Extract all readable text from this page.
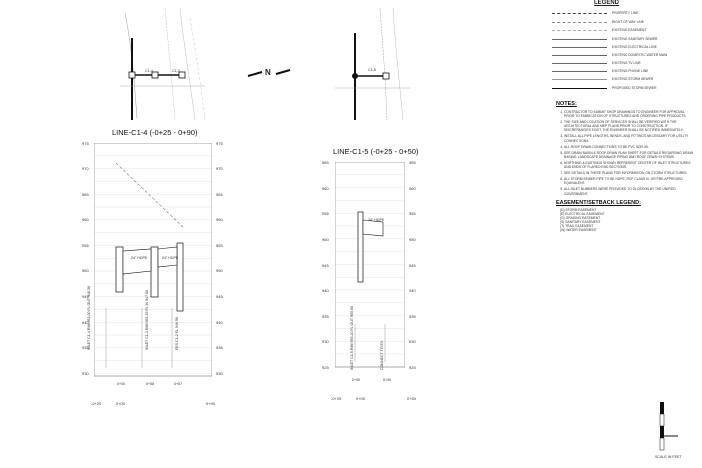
C1-4	C1-3	C1-5
N
LINE-C1-4 (-0+25 - 0+90)
24" HDPE	24" HDPE
975
970
965
960
955
950
945
940
935
930
975
970
965
960
955
950
945
940
935
930
INLET C1-4 RIM 952.00 FL OUT 948.56	INLET C1-3 RIM 953.45 FL IN 947.80	FES C1-2 FL 946.90
0+00	0+58	0+87
-0+25	0+00	0+90
LINE-C1-5 (-0+25 - 0+50)
24" HDPE
965
960
955
950
945
940
935
930
925
965
960
955
950
945
940
935
930
925
INLET C1-5 RIM 955.20 FL OUT 950.60	CONNECT TO EX
0+00	0+30
-0+25	0+00	0+50
LEGEND
PROPERTY LINE
RIGHT OF WAY LINE
EXISTING EASEMENT
EXISTING SANITARY SEWER
EXISTING ELECTRICAL LINE
EXISTING DOMESTIC WATER MAIN
EXISTING TV LINE
EXISTING PHONE LINE
EXISTING STORM SEWER
PROPOSED STORM SEWER
NOTES:
1. CONTRACTOR TO SUBMIT SHOP DRAWINGS TO ENGINEER FOR APPROVAL PRIOR TO FABRICATION OF STRUCTURES AND ORDERING PIPE PRODUCTS.
2. THE SIZE AND LOCATION OF SERVICES SHALL BE VERIFIED WITH THE ARCHITECTURAL AND MEP PLANS PRIOR TO CONSTRUCTION. IF DISCREPANCIES EXIST, THE ENGINEER SHALL BE NOTIFIED IMMEDIATELY.
3. INSTALL ALL PIPE LENGTHS, BENDS, AND FITTINGS NECESSARY FOR UTILITY CONNECTIONS.
4. ALL ROOF DRAIN CONNECTIONS TO BE PVC SDR-35.
5. SEE DRAIN BASIN & ROOF DRAIN PLAN SHEET FOR DETAILS REGARDING DRAIN BASINS, LANDSCAPE DRAINAGE PIPING AND ROOF DRAIN SYSTEMS.
6. NORTHING & EASTINGS SHOWN REPRESENT CENTER OF INLET STRUCTURES AND ENDS OF FLARED END SECTIONS.
7. SEE DETAILS IN THESE PLANS FOR INFORMATION ON STORM STRUCTURES.
8. ALL STORM SEWER PIPE TO BE HDPE, RCP CLASS III, OR PRE-APPROVED EQUIVALENT.
9. ALL INLET NUMBERS WERE PROVIDED TO GLOSSON BY THE UNIFIED GOVERNMENT.
EASEMENT/SETBACK LEGEND:
(D) STORM EASEMENT
(E) ELECTRICAL EASEMENT
(G) GRADING EASEMENT
(S) SANITARY EASEMENT
(T) TRAIL EASEMENT
(W) WATER EASEMENT
SCALE IN FEET
